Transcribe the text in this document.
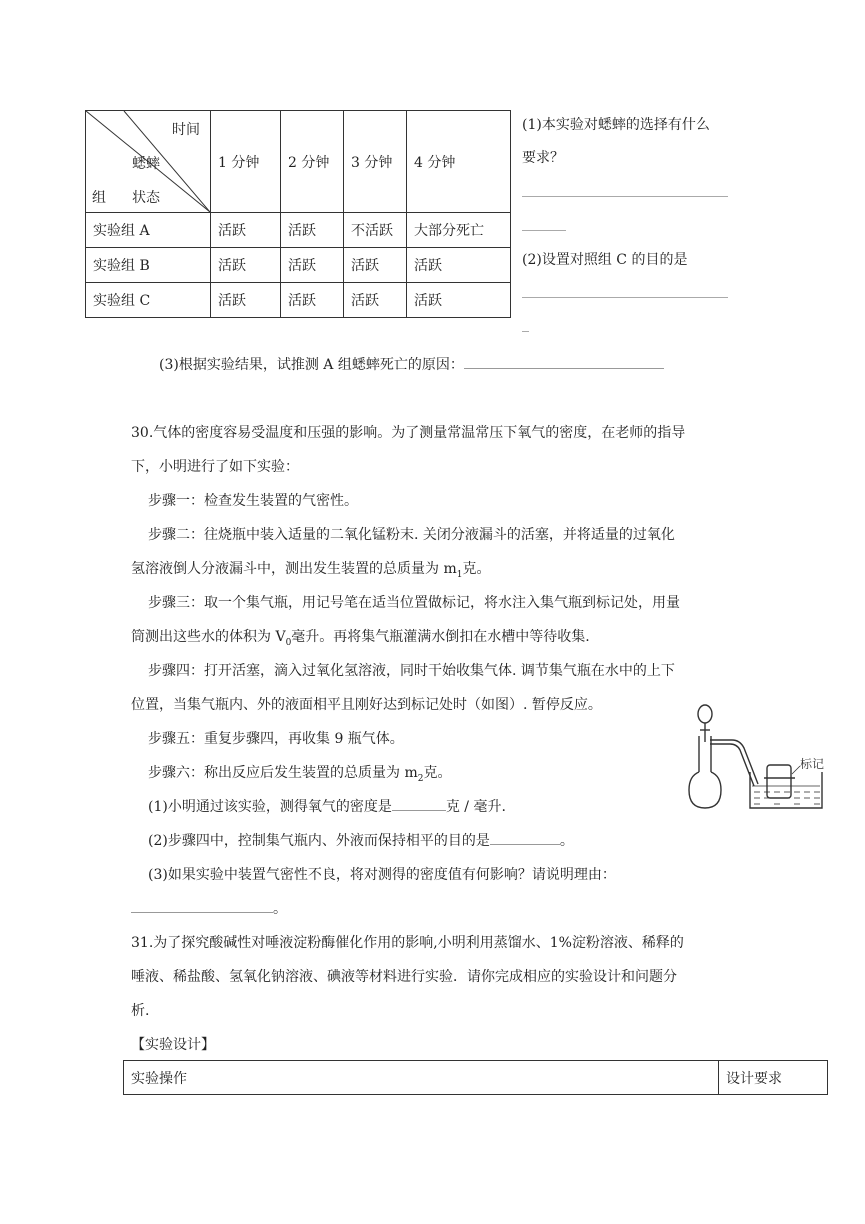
时间
蟋蟀
组 状态	1 分钟	2 分钟	3 分钟	4 分钟
实验组 A	活跃	活跃	不活跃	大部分死亡
实验组 B	活跃	活跃	活跃	活跃
实验组 C	活跃	活跃	活跃	活跃
(1)本实验对蟋蟀的选择有什么
要求？
(2)设置对照组 C 的目的是
(3)根据实验结果，试推测 A 组蟋蟀死亡的原因：
30.气体的密度容易受温度和压强的影响。为了测量常温常压下氧气的密度，在老师的指导
下，小明进行了如下实验：
步骤一：检查发生装置的气密性。
步骤二：往烧瓶中装入适量的二氧化锰粉末. 关闭分液漏斗的活塞，并将适量的过氧化
氢溶液倒人分液漏斗中，测出发生装置的总质量为 $m_1$克。
步骤三：取一个集气瓶，用记号笔在适当位置做标记，将水注入集气瓶到标记处，用量
筒测出这些水的体积为 $V_0$毫升。再将集气瓶灌满水倒扣在水槽中等待收集.
步骤四：打开活塞，滴入过氧化氢溶液，同时干始收集气体. 调节集气瓶在水中的上下
位置，当集气瓶内、外的液面相平且刚好达到标记处时（如图）. 暂停反应。
步骤五：重复步骤四，再收集 9 瓶气体。
步骤六：称出反应后发生装置的总质量为 $m_2$克。
(1)小明通过该实验，测得氧气的密度是	克 / 毫升.
(2)步骤四中，控制集气瓶内、外液而保持相平的目的是	。
(3)如果实验中装置气密性不良，将对测得的密度值有何影响？请说明理由：
。
标记
31.为了探究酸碱性对唾液淀粉酶催化作用的影响,小明利用蒸馏水、1%淀粉溶液、稀释的
唾液、稀盐酸、氢氧化钠溶液、碘液等材料进行实验．请你完成相应的实验设计和问题分
析.
【实验设计】
实验操作	设计要求
